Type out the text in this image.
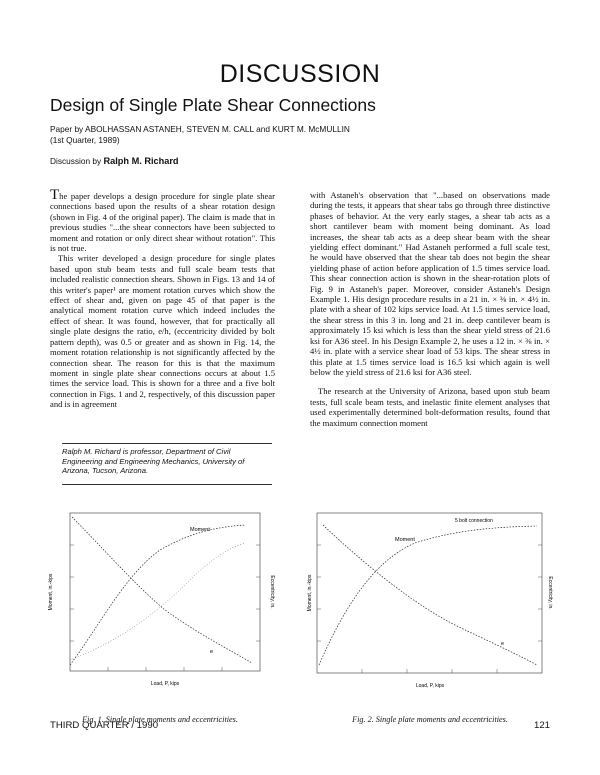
DISCUSSION
Design of Single Plate Shear Connections
Paper by ABOLHASSAN ASTANEH, STEVEN M. CALL and KURT M. McMULLIN
(1st Quarter, 1989)
Discussion by Ralph M. Richard

The paper develops a design procedure for single plate shear connections based upon the results of a shear rotation design (shown in Fig. 4 of the original paper). The claim is made that in previous studies "...the shear connectors have been subjected to moment and rotation or only direct shear without rotation". This is not true.

This writer developed a design procedure for single plates based upon stub beam tests and full scale beam tests that included realistic connection shears. Shown in Figs. 13 and 14 of this writer's paper¹ are moment rotation curves which show the effect of shear and, given on page 45 of that paper is the analytical moment rotation curve which indeed includes the effect of shear. It was found, however, that for practically all single plate designs the ratio, e/h, (eccentricity divided by bolt pattern depth), was 0.5 or greater and as shown in Fig. 14, the moment rotation relationship is not significantly affected by the connection shear. The reason for this is that the maximum moment in single plate shear connections occurs at about 1.5 times the service load. This is shown for a three and a five bolt connection in Figs. 1 and 2, respectively, of this discussion paper and is in agreement

Ralph M. Richard is professor, Department of Civil Engineering and Engineering Mechanics, University of Arizona, Tucson, Arizona.

with Astaneh's observation that "...based on observations made during the tests, it appears that shear tabs go through three distinctive phases of behavior. At the very early stages, a shear tab acts as a short cantilever beam with moment being dominant. As load increases, the shear tab acts as a deep shear beam with the shear yielding effect dominant." Had Astaneh performed a full scale test, he would have observed that the shear tab does not begin the shear yielding phase of action before application of 1.5 times service load. This shear connection action is shown in the shear-rotation plots of Fig. 9 in Astaneh's paper. Moreover, consider Astaneh's Design Example 1. His design procedure results in a 21 in. × ⅜ in. × 4½ in. plate with a shear of 102 kips service load. At 1.5 times service load, the shear stress in this 3 in. long and 21 in. deep cantilever beam is approximately 15 ksi which is less than the shear yield stress of 21.6 ksi for A36 steel. In his Design Example 2, he uses a 12 in. × ⅜ in. × 4½ in. plate with a service shear load of 53 kips. The shear stress in this plate at 1.5 times service load is 16.5 ksi which again is well below the yield stress of 21.6 ksi for A36 steel.

The research at the University of Arizona, based upon stub beam tests, full scale beam tests, and inelastic finite element analyses that used experimentally determined bolt-deformation results, found that the maximum connection moment

Moment
e
Load, P, kips
Moment, in.-kips	Eccentricity, in.
Fig. 1. Single plate moments and eccentricities.
Moment
e
5 bolt connection
Load, P, kips
Moment, in.-kips	Eccentricity, in.
Fig. 2. Single plate moments and eccentricities.
THIRD QUARTER / 1990	121
